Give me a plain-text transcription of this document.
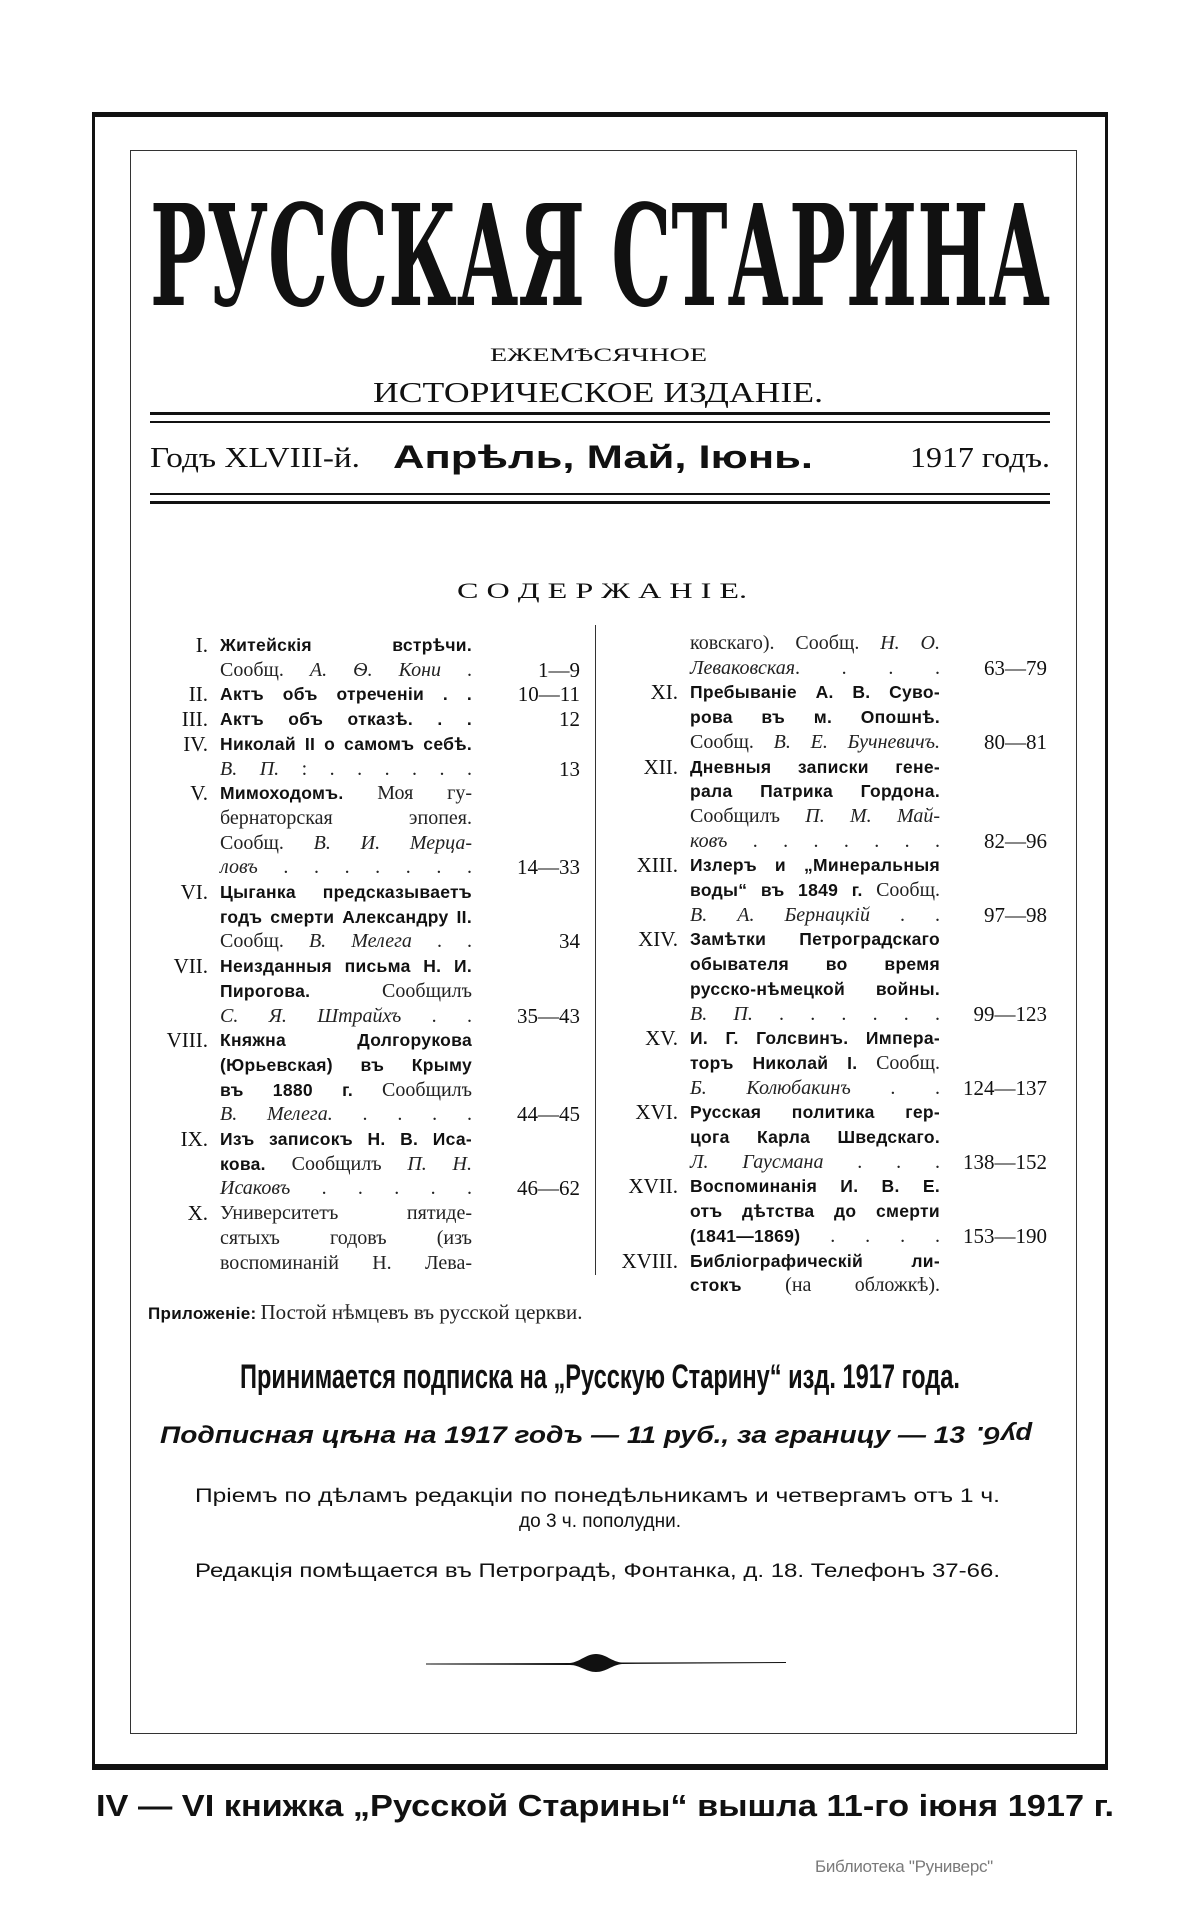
РУССКАЯ СТАРИНА
ЕЖЕМѢСЯЧНОЕ
ИСТОРИЧЕСКОЕ ИЗДАНІЕ.
Годъ XLVIII-й. Апрѣль, Май, Іюнь.	1917 годъ.
С О Д Е Р Ж А Н І Е.
I. Житейскія встрѣчи.
Сообщ. А. Ѳ. Кони .	1—9
II. Актъ объ отреченіи . . 10—11
III. Актъ объ отказѣ. . .	12
IV. Николай II о самомъ себѣ.
В. П. : . . . . . .	13
V. Мимоходомъ. Моя гу-
бернаторская эпопея.
Сообщ. В. И. Мерца-
ловъ . . . . . . . 14—33
VI. Цыганка предсказываетъ
годъ смерти Александру II.
Сообщ. В. Мелега . .	34
VII. Неизданныя письма Н. И.
Пирогова. Сообщилъ
С. Я. Штрайхъ . . 35—43
VIII. Княжна Долгорукова
(Юрьевская) въ Крыму
въ 1880 г. Сообщилъ
В. Мелега. . . . . 44—45
IX. Изъ записокъ Н. В. Иса-
кова. Сообщилъ П. Н.
Исаковъ . . . . . 46—62
X. Университетъ пятиде-
сятыхъ годовъ (изъ
воспоминаній Н. Лева-
ковскаго). Сообщ. Н. О.
Леваковская. . . . 63—79
XI. Пребываніе А. В. Суво-
рова въ м. Опошнѣ.
Сообщ. В. Е. Бучневичъ. 80—81
XII. Дневныя записки гене-
рала Патрика Гордона.
Сообщилъ П. М. Май-
ковъ . . . . . . . 82—96
XIII. Излеръ и „Минеральныя
воды“ въ 1849 г. Сообщ.
В. А. Бернацкій . . 97—98
XIV. Замѣтки Петроградскаго
обывателя во время
русско-нѣмецкой войны.
В. П. . . . . . . 99—123
XV. И. Г. Голсвинъ. Импера-
торъ Николай I. Сообщ.
Б. Колюбакинъ . . 124—137
XVI. Русская политика гер-
цога Карла Шведскаго.
Л. Гаусмана . . . 138—152
XVII. Воспоминанія И. В. Е.
отъ дѣтства до смерти
(1841—1869) . . . . 153—190
XVIII. Библіографическій ли-
стокъ (на обложкѣ).
Приложеніе: Постой нѣмцевъ въ русской церкви.
Принимается подписка на „Русскую Старину“ изд. 1917 года.
Подписная цѣна на 1917 годъ — 11 руб., за границу — 13 руб.
Пріемъ по дѣламъ редакціи по понедѣльникамъ и четвергамъ отъ 1 ч.
до 3 ч. пополудни.
Редакція помѣщается въ Петроградѣ, Фонтанка, д. 18. Телефонъ 37-66.
IV — VI книжка „Русской Старины“ вышла 11-го іюня 1917 г.
Библиотека "Руниверс"
